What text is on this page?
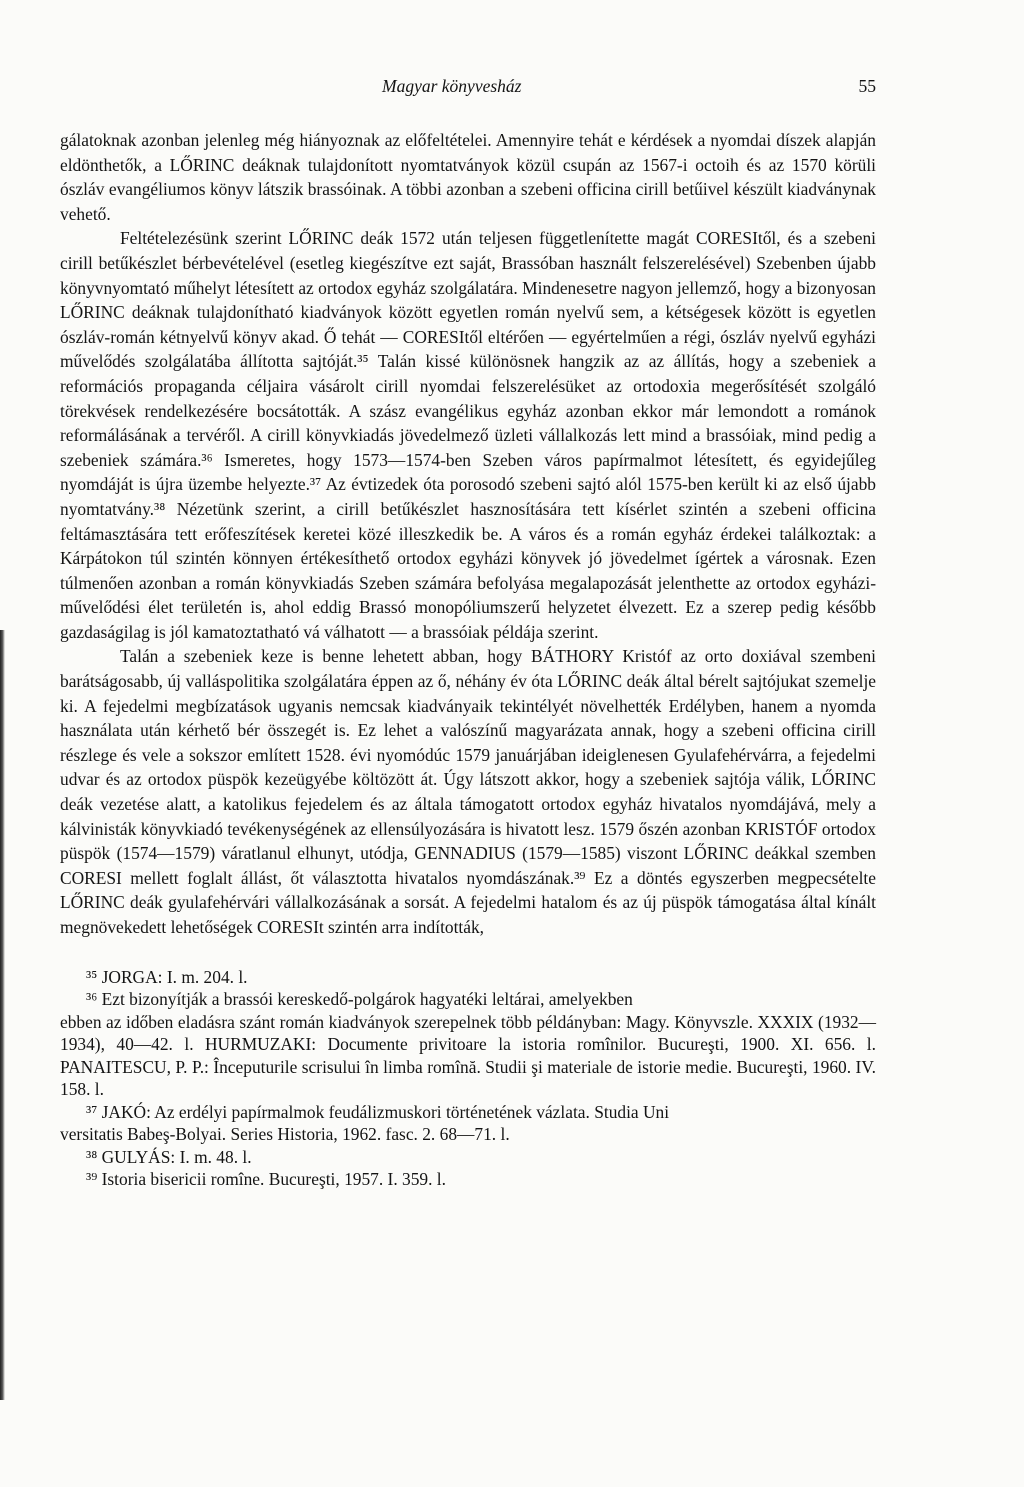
Magyar könyvesház	55

gálatoknak azonban jelenleg még hiányoznak az előfeltételei. Amennyire tehát e kérdések a nyomdai díszek alapján eldönthetők, a LŐRINC deáknak tulajdonított nyomtatványok közül csupán az 1567-i octoih és az 1570 körüli ószláv evangéliumos könyv látszik brassóinak. A többi azonban a szebeni officina cirill betűivel készült kiadványnak vehető.

Feltételezésünk szerint LŐRINC deák 1572 után teljesen függetlenítette magát CORESItől, és a szebeni cirill betűkészlet bérbevételével (esetleg kiegészítve ezt saját, Brassóban használt felszerelésével) Szebenben újabb könyvnyomtató műhelyt létesített az ortodox egyház szolgálatára. Mindenesetre nagyon jellemző, hogy a bizonyosan LŐRINC deáknak tulajdonítható kiadványok között egyetlen román nyelvű sem, a kétségesek között is egyetlen ószláv-román kétnyelvű könyv akad. Ő tehát — CORESItől eltérően — egyértelműen a régi, ószláv nyelvű egyházi művelődés szolgálatába állította sajtóját.³⁵ Talán kissé különösnek hangzik az az állítás, hogy a szebeniek a reformációs propaganda céljaira vásárolt cirill nyomdai felszerelésüket az ortodoxia megerősítését szolgáló törekvések rendelkezésére bocsátották. A szász evangélikus egyház azonban ekkor már lemondott a románok reformálásának a tervéről. A cirill könyvkiadás jövedelmező üzleti vállalkozás lett mind a brassóiak, mind pedig a szebeniek számára.³⁶ Ismeretes, hogy 1573—1574-ben Szeben város papírmalmot létesített, és egyidejűleg nyomdáját is újra üzembe helyezte.³⁷ Az évtizedek óta porosodó szebeni sajtó alól 1575-ben került ki az első újabb nyomtatvány.³⁸ Nézetünk szerint, a cirill betűkészlet hasznosítására tett kísérlet szintén a szebeni officina feltámasztására tett erőfeszítések keretei közé illeszkedik be. A város és a román egyház érdekei találkoztak: a Kárpátokon túl szintén könnyen értékesíthető ortodox egyházi könyvek jó jövedelmet ígértek a városnak. Ezen túlmenően azonban a román könyvkiadás Szeben számára befolyása megalapozását jelenthette az ortodox egyházi-művelődési élet területén is, ahol eddig Brassó monopóliumszerű helyzetet élvezett. Ez a szerep pedig később gazdaságilag is jól kamatoztatható vá válhatott — a brassóiak példája szerint.

Talán a szebeniek keze is benne lehetett abban, hogy BÁTHORY Kristóf az orto doxiával szembeni barátságosabb, új valláspolitika szolgálatára éppen az ő, néhány év óta LŐRINC deák által bérelt sajtójukat szemelje ki. A fejedelmi megbízatások ugyanis nemcsak kiadványaik tekintélyét növelhették Erdélyben, hanem a nyomda használata után kérhető bér összegét is. Ez lehet a valószínű magyarázata annak, hogy a szebeni officina cirill részlege és vele a sokszor említett 1528. évi nyomódúc 1579 januárjában ideiglenesen Gyulafehérvárra, a fejedelmi udvar és az ortodox püspök kezeügyébe költözött át. Úgy látszott akkor, hogy a szebeniek sajtója válik, LŐRINC deák vezetése alatt, a katolikus fejedelem és az általa támogatott ortodox egyház hivatalos nyomdájává, mely a kálvinisták könyvkiadó tevékenységének az ellensúlyozására is hivatott lesz. 1579 őszén azonban KRISTÓF ortodox püspök (1574—1579) váratlanul elhunyt, utódja, GENNADIUS (1579—1585) viszont LŐRINC deákkal szemben CORESI mellett foglalt állást, őt választotta hivatalos nyomdászának.³⁹ Ez a döntés egyszerben megpecsételte LŐRINC deák gyulafehérvári vállalkozásának a sorsát. A fejedelmi hatalom és az új püspök támogatása által kínált megnövekedett lehetőségek CORESIt szintén arra indították,

³⁵ JORGA: I. m. 204. l.

³⁶ Ezt bizonyítják a brassói kereskedő-polgárok hagyatéki leltárai, amelyekben

ebben az időben eladásra szánt román kiadványok szerepelnek több példányban: Magy. Könyvszle. XXXIX (1932—1934), 40—42. l. HURMUZAKI: Documente privitoare la istoria romînilor. Bucureşti, 1900. XI. 656. l. PANAITESCU, P. P.: Începuturile scrisului în limba romînă. Studii şi materiale de istorie medie. Bucureşti, 1960. IV. 158. l.

³⁷ JAKÓ: Az erdélyi papírmalmok feudálizmuskori történetének vázlata. Studia Uni

versitatis Babeş-Bolyai. Series Historia, 1962. fasc. 2. 68—71. l.

³⁸ GULYÁS: I. m. 48. l.

³⁹ Istoria bisericii romîne. Bucureşti, 1957. I. 359. l.
